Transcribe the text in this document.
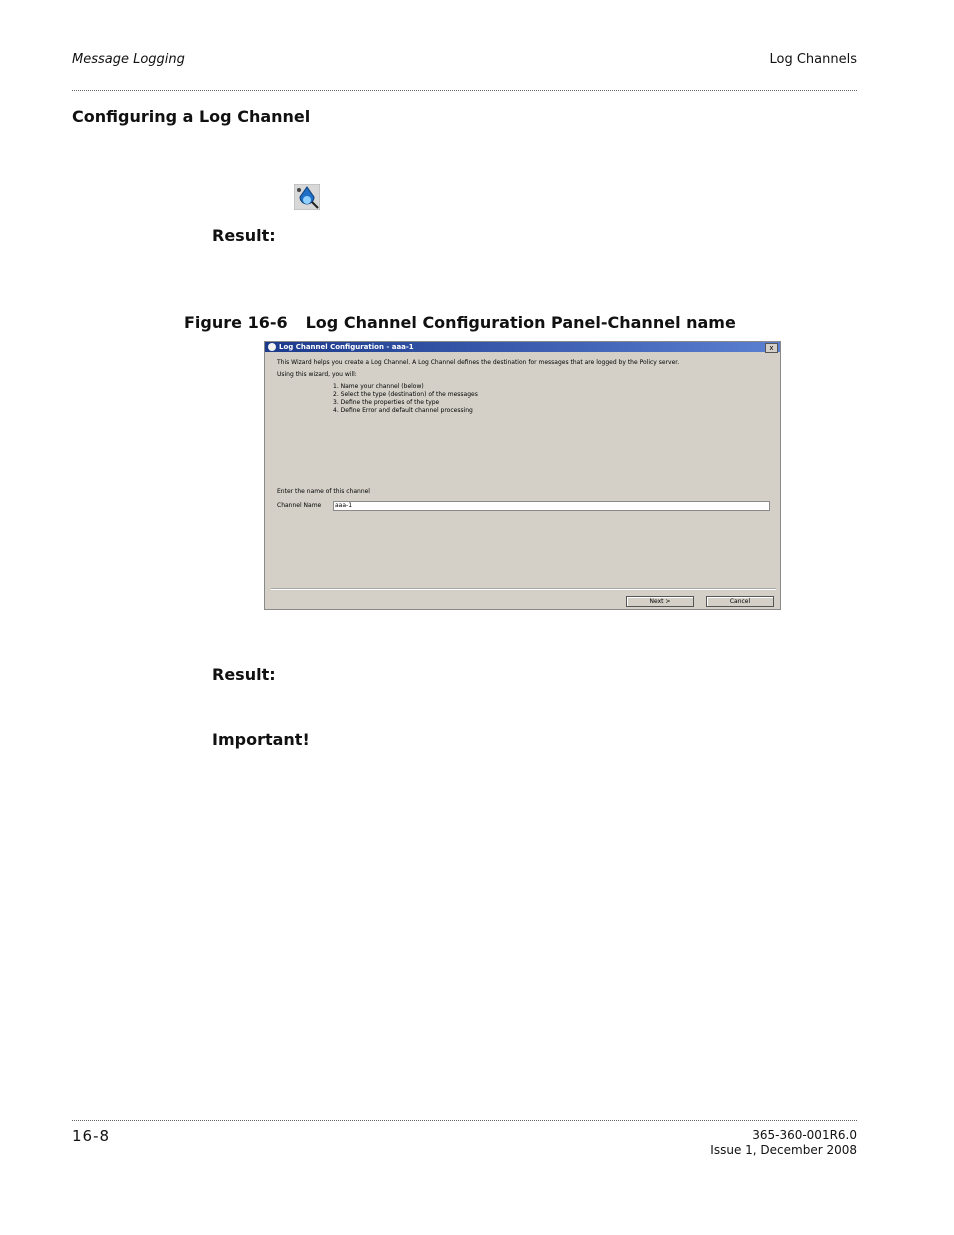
Message Logging	Log Channels
Configuring a Log Channel
Result:
Figure 16-6 Log Channel Configuration Panel-Channel name
Log Channel Configuration - aaa-1	x
This Wizard helps you create a Log Channel. A Log Channel defines the destination for messages that are logged by the Policy server.
Using this wizard, you will:
1. Name your channel (below)
2. Select the type (destination) of the messages
3. Define the properties of the type
4. Define Error and default channel processing
Enter the name of this channel
Channel Name	aaa-1
Next >	Cancel
Result:
Important!
16-8	365-360-001R6.0
Issue 1, December 2008
